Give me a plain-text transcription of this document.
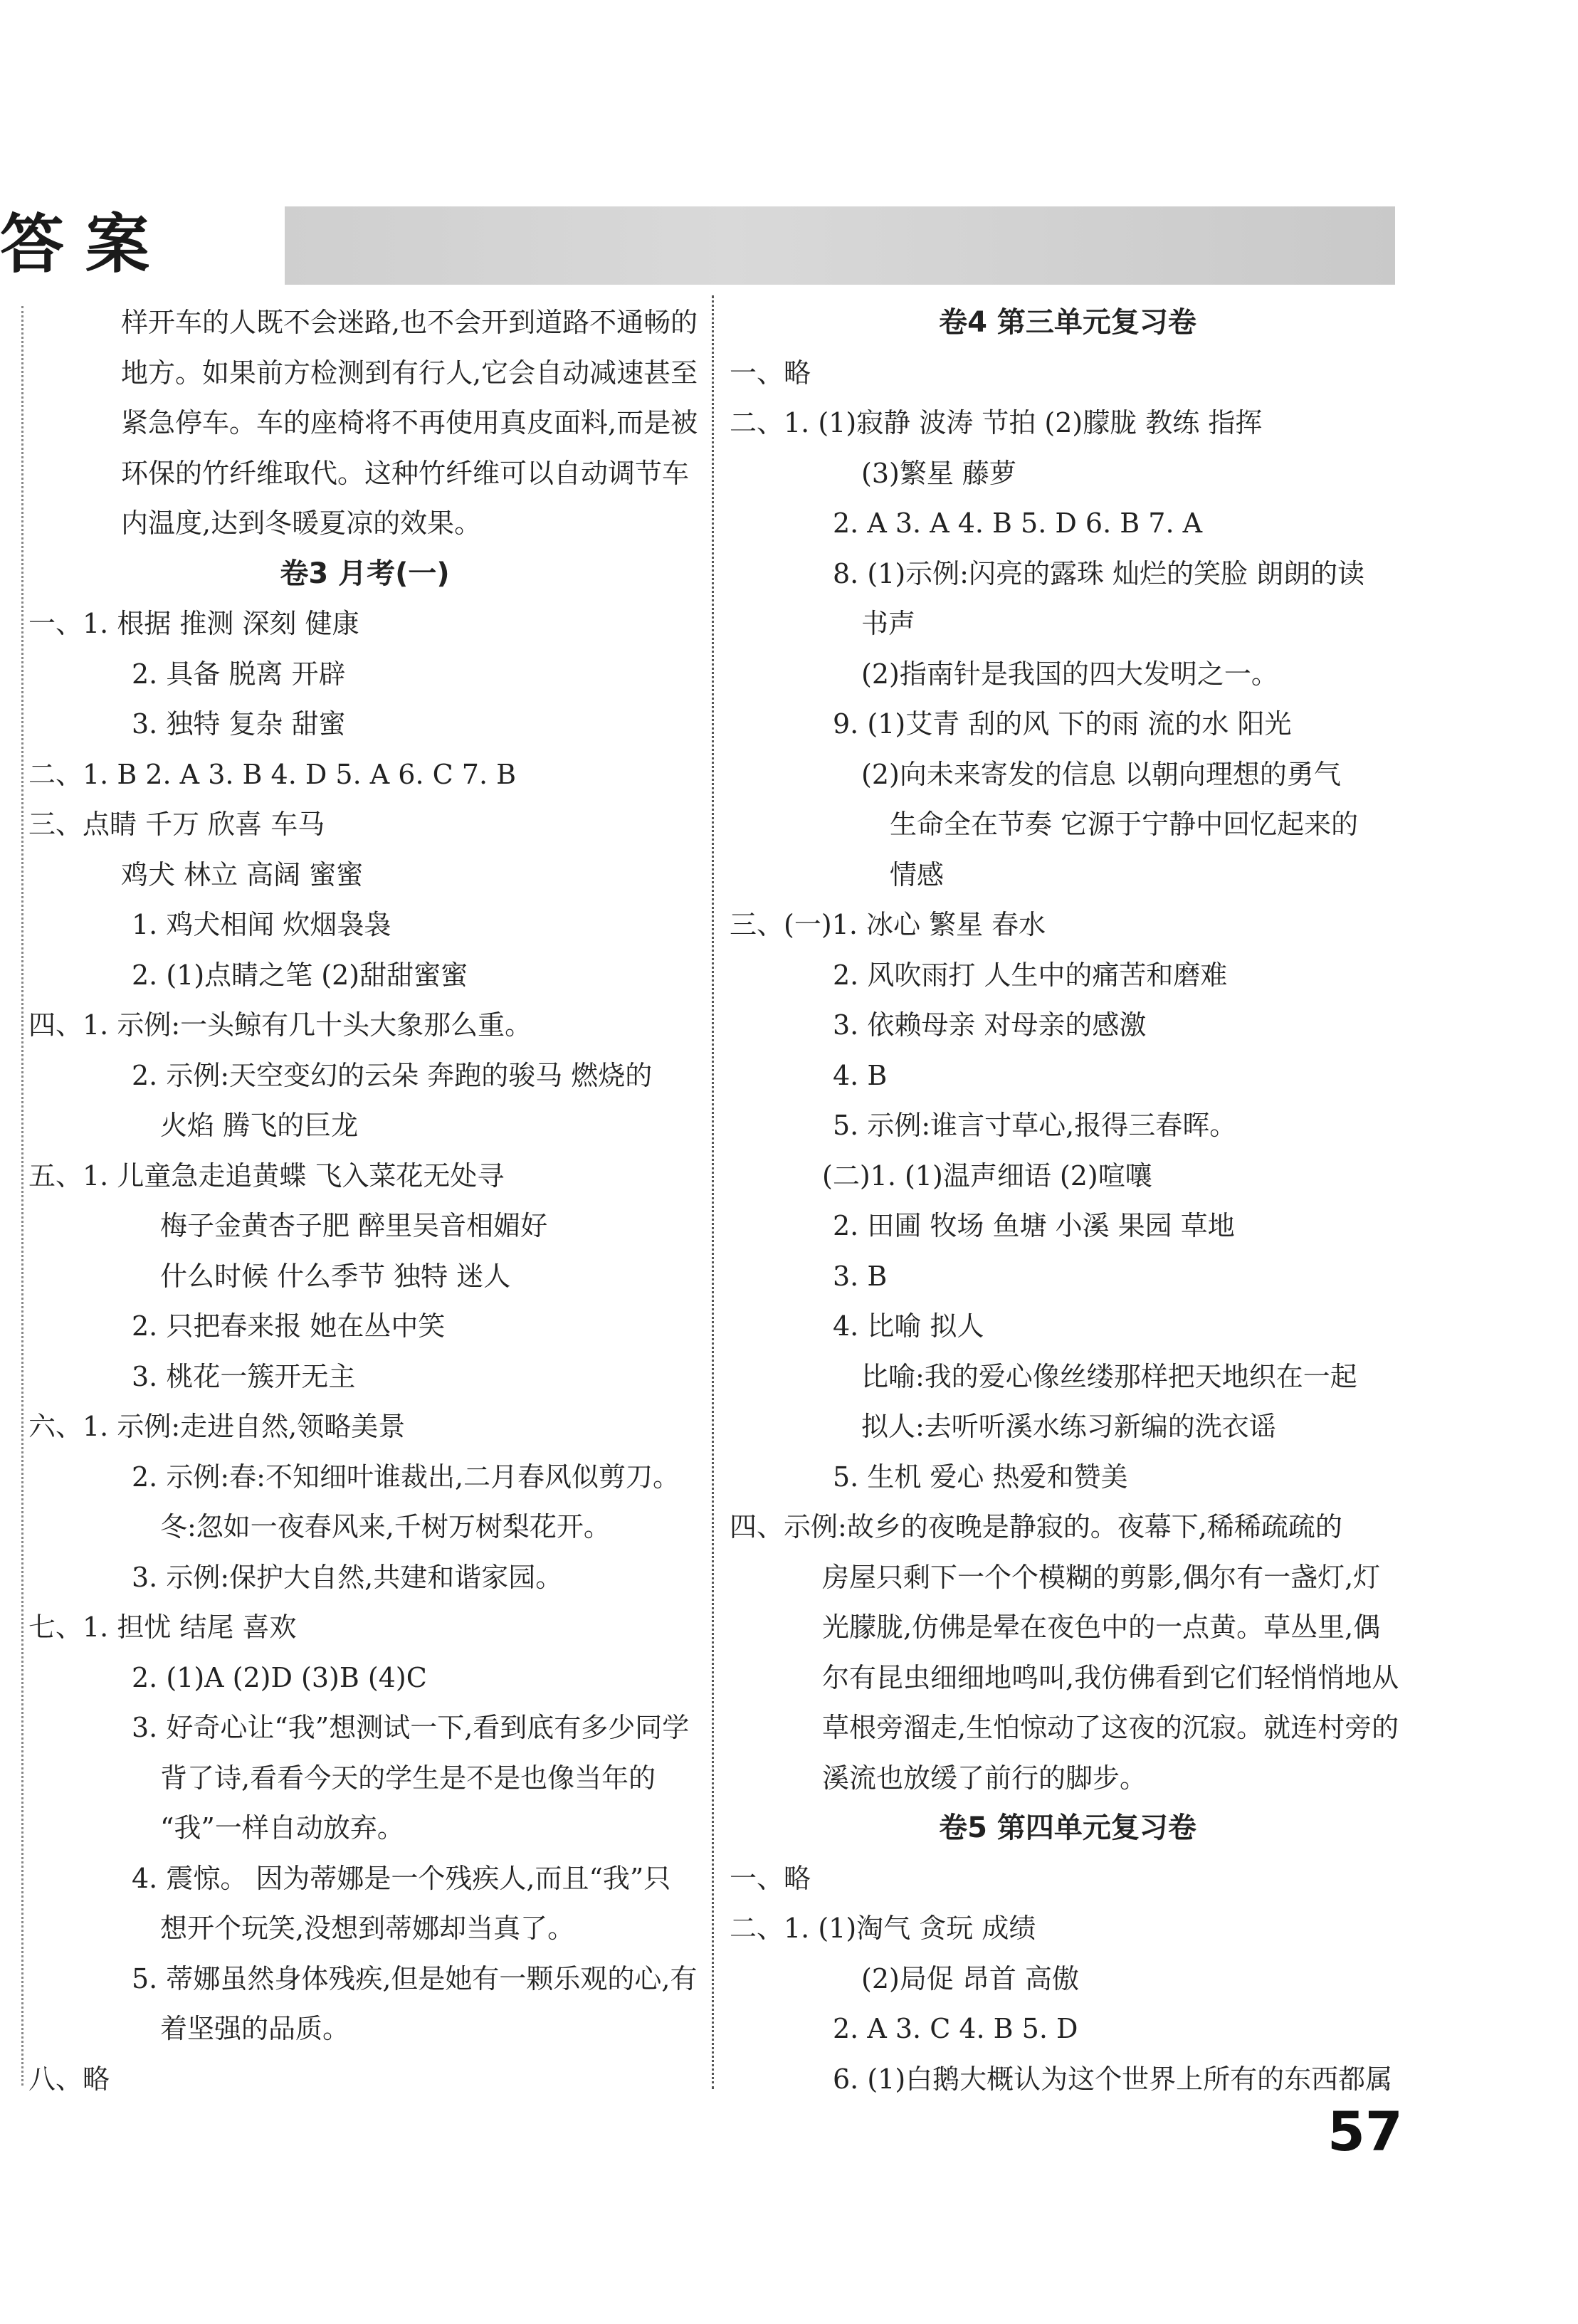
答案
样开车的人既不会迷路,也不会开到道路不通畅的
地方。如果前方检测到有行人,它会自动减速甚至
紧急停车。车的座椅将不再使用真皮面料,而是被
环保的竹纤维取代。这种竹纤维可以自动调节车
内温度,达到冬暖夏凉的效果。
卷3 月考(一)
一、1. 根据 推测 深刻 健康
2. 具备 脱离 开辟
3. 独特 复杂 甜蜜
二、1. B 2. A 3. B 4. D 5. A 6. C 7. B
三、点睛 千万 欣喜 车马
鸡犬 林立 高阔 蜜蜜
1. 鸡犬相闻 炊烟袅袅
2. (1)点睛之笔 (2)甜甜蜜蜜
四、1. 示例:一头鲸有几十头大象那么重。
2. 示例:天空变幻的云朵 奔跑的骏马 燃烧的
火焰 腾飞的巨龙
五、1. 儿童急走追黄蝶 飞入菜花无处寻
梅子金黄杏子肥 醉里吴音相媚好
什么时候 什么季节 独特 迷人
2. 只把春来报 她在丛中笑
3. 桃花一簇开无主
六、1. 示例:走进自然,领略美景
2. 示例:春:不知细叶谁裁出,二月春风似剪刀。
冬:忽如一夜春风来,千树万树梨花开。
3. 示例:保护大自然,共建和谐家园。
七、1. 担忧 结尾 喜欢
2. (1)A (2)D (3)B (4)C
3. 好奇心让“我”想测试一下,看到底有多少同学
背了诗,看看今天的学生是不是也像当年的
“我”一样自动放弃。
4. 震惊。 因为蒂娜是一个残疾人,而且“我”只
想开个玩笑,没想到蒂娜却当真了。
5. 蒂娜虽然身体残疾,但是她有一颗乐观的心,有
着坚强的品质。
八、略
卷4 第三单元复习卷
一、略
二、1. (1)寂静 波涛 节拍 (2)朦胧 教练 指挥
(3)繁星 藤萝
2. A 3. A 4. B 5. D 6. B 7. A
8. (1)示例:闪亮的露珠 灿烂的笑脸 朗朗的读
书声
(2)指南针是我国的四大发明之一。
9. (1)艾青 刮的风 下的雨 流的水 阳光
(2)向未来寄发的信息 以朝向理想的勇气
生命全在节奏 它源于宁静中回忆起来的
情感
三、(一)1. 冰心 繁星 春水
2. 风吹雨打 人生中的痛苦和磨难
3. 依赖母亲 对母亲的感激
4. B
5. 示例:谁言寸草心,报得三春晖。
(二)1. (1)温声细语 (2)喧嚷
2. 田圃 牧场 鱼塘 小溪 果园 草地
3. B
4. 比喻 拟人
比喻:我的爱心像丝缕那样把天地织在一起
拟人:去听听溪水练习新编的洗衣谣
5. 生机 爱心 热爱和赞美
四、示例:故乡的夜晚是静寂的。夜幕下,稀稀疏疏的
房屋只剩下一个个模糊的剪影,偶尔有一盏灯,灯
光朦胧,仿佛是晕在夜色中的一点黄。草丛里,偶
尔有昆虫细细地鸣叫,我仿佛看到它们轻悄悄地从
草根旁溜走,生怕惊动了这夜的沉寂。就连村旁的
溪流也放缓了前行的脚步。
卷5 第四单元复习卷
一、略
二、1. (1)淘气 贪玩 成绩
(2)局促 昂首 高傲
2. A 3. C 4. B 5. D
6. (1)白鹅大概认为这个世界上所有的东西都属
57
